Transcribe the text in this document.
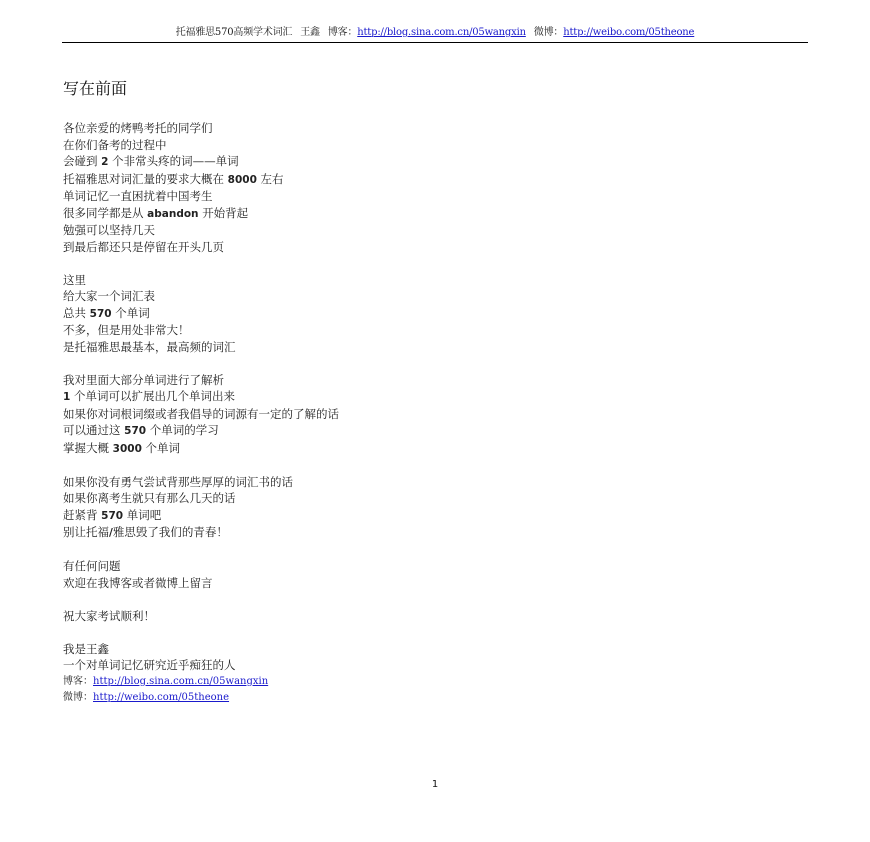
托福雅思570高频学术词汇 王鑫 博客：http://blog.sina.com.cn/05wangxin 微博：http://weibo.com/05theone
写在前面
各位亲爱的烤鸭考托的同学们
在你们备考的过程中
会碰到 2 个非常头疼的词——单词
托福雅思对词汇量的要求大概在 8000 左右
单词记忆一直困扰着中国考生
很多同学都是从 abandon 开始背起
勉强可以坚持几天
到最后都还只是停留在开头几页
这里
给大家一个词汇表
总共 570 个单词
不多，但是用处非常大！
是托福雅思最基本，最高频的词汇
我对里面大部分单词进行了解析
1 个单词可以扩展出几个单词出来
如果你对词根词缀或者我倡导的词源有一定的了解的话
可以通过这 570 个单词的学习
掌握大概 3000 个单词
如果你没有勇气尝试背那些厚厚的词汇书的话
如果你离考生就只有那么几天的话
赶紧背 570 单词吧
别让托福/雅思毁了我们的青春！
有任何问题
欢迎在我博客或者微博上留言
祝大家考试顺利！
我是王鑫
一个对单词记忆研究近乎痴狂的人
博客：http://blog.sina.com.cn/05wangxin
微博：http://weibo.com/05theone
1
